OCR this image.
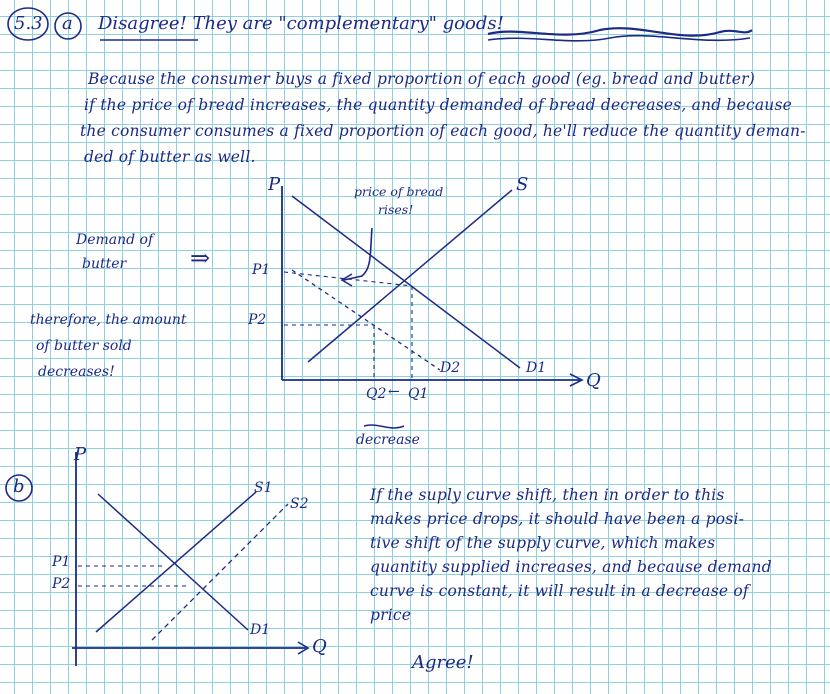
5.3 a Disagree! They are "complementary" goods!
Because the consumer buys a fixed proportion of each good (eg. bread and butter)
if the price of bread increases, the quantity demanded of bread decreases, and because
the consumer consumes a fixed proportion of each good, he'll reduce the quantity deman-
ded of butter as well.
Demand of
butter	⇒
therefore, the amount
of butter sold
decreases!
P
Q
S
D1
D2
P1
P2
Q2 ← Q1
price of bread
rises!
decrease
b
P
Q
S1
S2
D1
P1
P2
If the suply curve shift, then in order to this
makes price drops, it should have been a posi-
tive shift of the supply curve, which makes
quantity supplied increases, and because demand
curve is constant, it will result in a decrease of
price
Agree!
